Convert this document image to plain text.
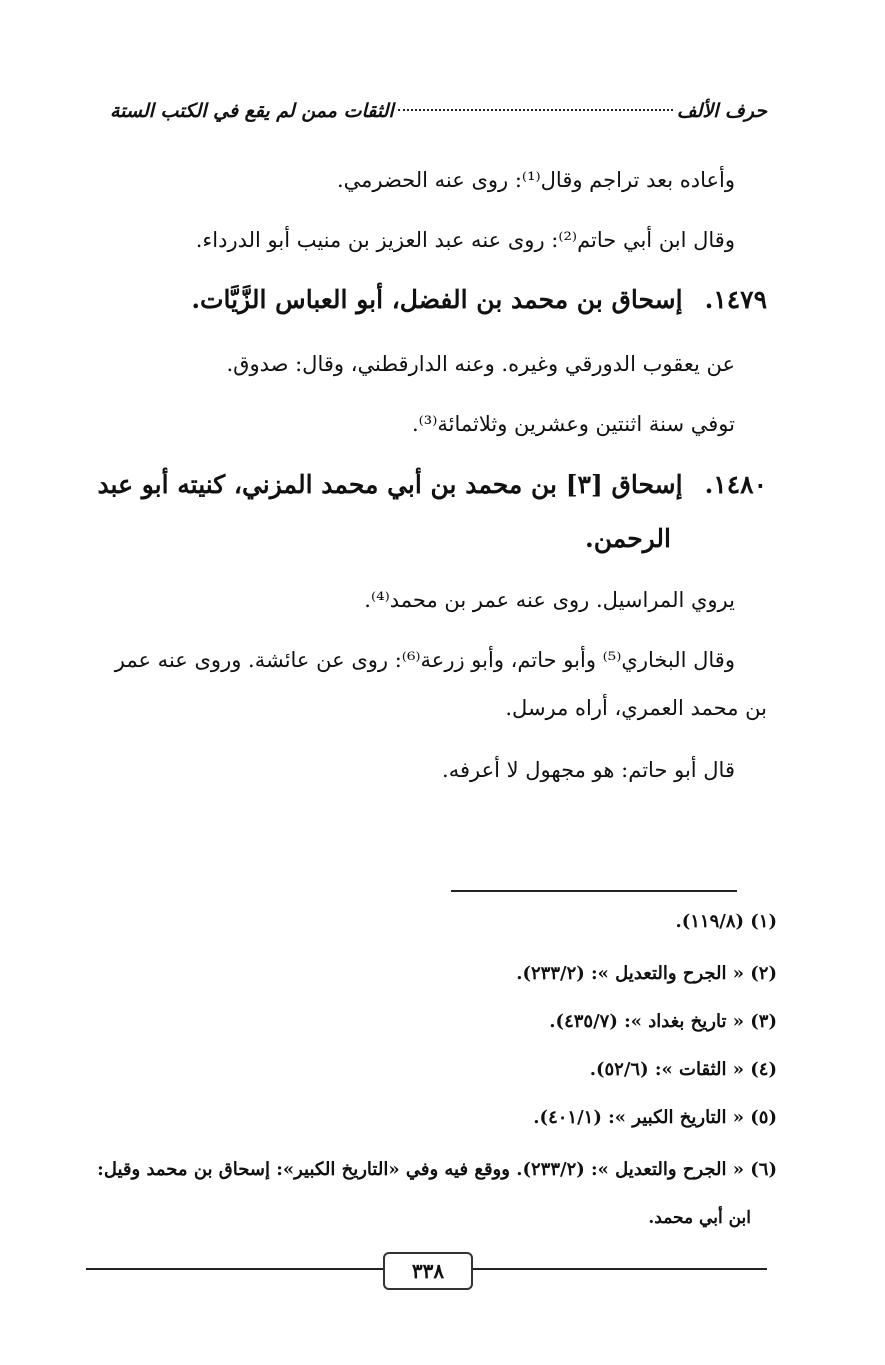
حرف الألف
الثقات ممن لم يقع في الكتب الستة
وأعاده بعد تراجم وقال⁽¹⁾: روى عنه الحضرمي.
وقال ابن أبي حاتم⁽²⁾: روى عنه عبد العزيز بن منيب أبو الدرداء.
١٤٧٩.إسحاق بن محمد بن الفضل، أبو العباس الزَّيَّات.
عن يعقوب الدورقي وغيره. وعنه الدارقطني، وقال: صدوق.
توفي سنة اثنتين وعشرين وثلاثمائة⁽³⁾.
١٤٨٠.إسحاق [٣] بن محمد بن أبي محمد المزني، كنيته أبو عبد
الرحمن.
يروي المراسيل. روى عنه عمر بن محمد⁽⁴⁾.
وقال البخاري⁽⁵⁾ وأبو حاتم، وأبو زرعة⁽⁶⁾: روى عن عائشة. وروى عنه عمر
بن محمد العمري، أراه مرسل.
قال أبو حاتم: هو مجهول لا أعرفه.
(١) (١١٩/٨).
(٢) « الجرح والتعديل »: (٢٣٣/٢).
(٣) « تاريخ بغداد »: (٤٣٥/٧).
(٤) « الثقات »: (٥٢/٦).
(٥) « التاريخ الكبير »: (٤٠١/١).
(٦) « الجرح والتعديل »: (٢٣٣/٢). ووقع فيه وفي «التاريخ الكبير»: إسحاق بن محمد وقيل:
ابن أبي محمد.
٣٣٨
